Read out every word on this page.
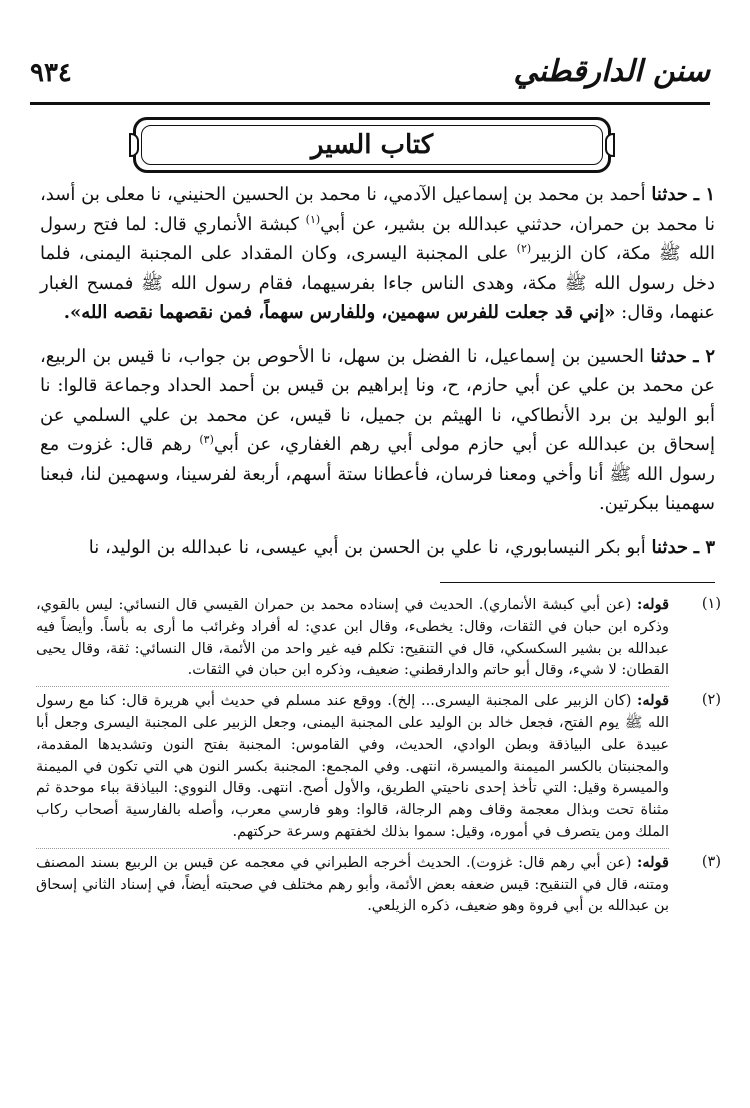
٩٣٤	سنن الدارقطني
كتاب السير

١ ـ حدثنا أحمد بن محمد بن إسماعيل الآدمي، نا محمد بن الحسين الحنيني، نا معلى بن أسد، نا محمد بن حمران، حدثني عبدالله بن بشير، عن أبي$^{(١)}$ كبشة الأنماري قال: لما فتح رسول الله ﷺ مكة، كان الزبير$^{(٢)}$ على المجنبة اليسرى، وكان المقداد على المجنبة اليمنى، فلما دخل رسول الله ﷺ مكة، وهدى الناس جاءا بفرسيهما، فقام رسول الله ﷺ فمسح الغبار عنهما، وقال: «إني قد جعلت للفرس سهمين، وللفارس سهماً، فمن نقصهما نقصه الله».

٢ ـ حدثنا الحسين بن إسماعيل، نا الفضل بن سهل، نا الأحوص بن جواب، نا قيس بن الربيع، عن محمد بن علي عن أبي حازم، ح، ونا إبراهيم بن قيس بن أحمد الحداد وجماعة قالوا: نا أبو الوليد بن برد الأنطاكي، نا الهيثم بن جميل، نا قيس، عن محمد بن علي السلمي عن إسحاق بن عبدالله عن أبي حازم مولى أبي رهم الغفاري، عن أبي$^{(٣)}$ رهم قال: غزوت مع رسول الله ﷺ أنا وأخي ومعنا فرسان، فأعطانا ستة أسهم، أربعة لفرسينا، وسهمين لنا، فبعنا سهمينا ببكرتين.

٣ ـ حدثنا أبو بكر النيسابوري، نا علي بن الحسن بن أبي عيسى، نا عبدالله بن الوليد، نا

(١)
قوله: (عن أبي كبشة الأنماري). الحديث في إسناده محمد بن حمران القيسي قال النسائي: ليس بالقوي، وذكره ابن حبان في الثقات، وقال: يخطىء، وقال ابن عدي: له أفراد وغرائب ما أرى به بأساً. وأيضاً فيه عبدالله بن بشير السكسكي، قال في التنقيح: تكلم فيه غير واحد من الأئمة، قال النسائي: ثقة، وقال يحيى القطان: لا شيء، وقال أبو حاتم والدارقطني: ضعيف، وذكره ابن حبان في الثقات.
(٢)
قوله: (كان الزبير على المجنبة اليسرى... إلخ). ووقع عند مسلم في حديث أبي هريرة قال: كنا مع رسول الله ﷺ يوم الفتح، فجعل خالد بن الوليد على المجنبة اليمنى، وجعل الزبير على المجنبة اليسرى وجعل أبا عبيدة على البياذقة وبطن الوادي، الحديث، وفي القاموس: المجنبة بفتح النون وتشديدها المقدمة، والمجنبتان بالكسر الميمنة والميسرة، انتهى. وفي المجمع: المجنبة بكسر النون هي التي تكون في الميمنة والميسرة وقيل: التي تأخذ إحدى ناحيتي الطريق، والأول أصح. انتهى. وقال النووي: البياذقة بباء موحدة ثم مثناة تحت وبذال معجمة وقاف وهم الرجالة، قالوا: وهو فارسي معرب، وأصله بالفارسية أصحاب ركاب الملك ومن يتصرف في أموره، وقيل: سموا بذلك لخفتهم وسرعة حركتهم.
(٣)
قوله: (عن أبي رهم قال: غزوت). الحديث أخرجه الطبراني في معجمه عن قيس بن الربيع بسند المصنف ومتنه، قال في التنقيح: قيس ضعفه بعض الأئمة، وأبو رهم مختلف في صحبته أيضاً، في إسناد الثاني إسحاق بن عبدالله بن أبي فروة وهو ضعيف، ذكره الزيلعي.
